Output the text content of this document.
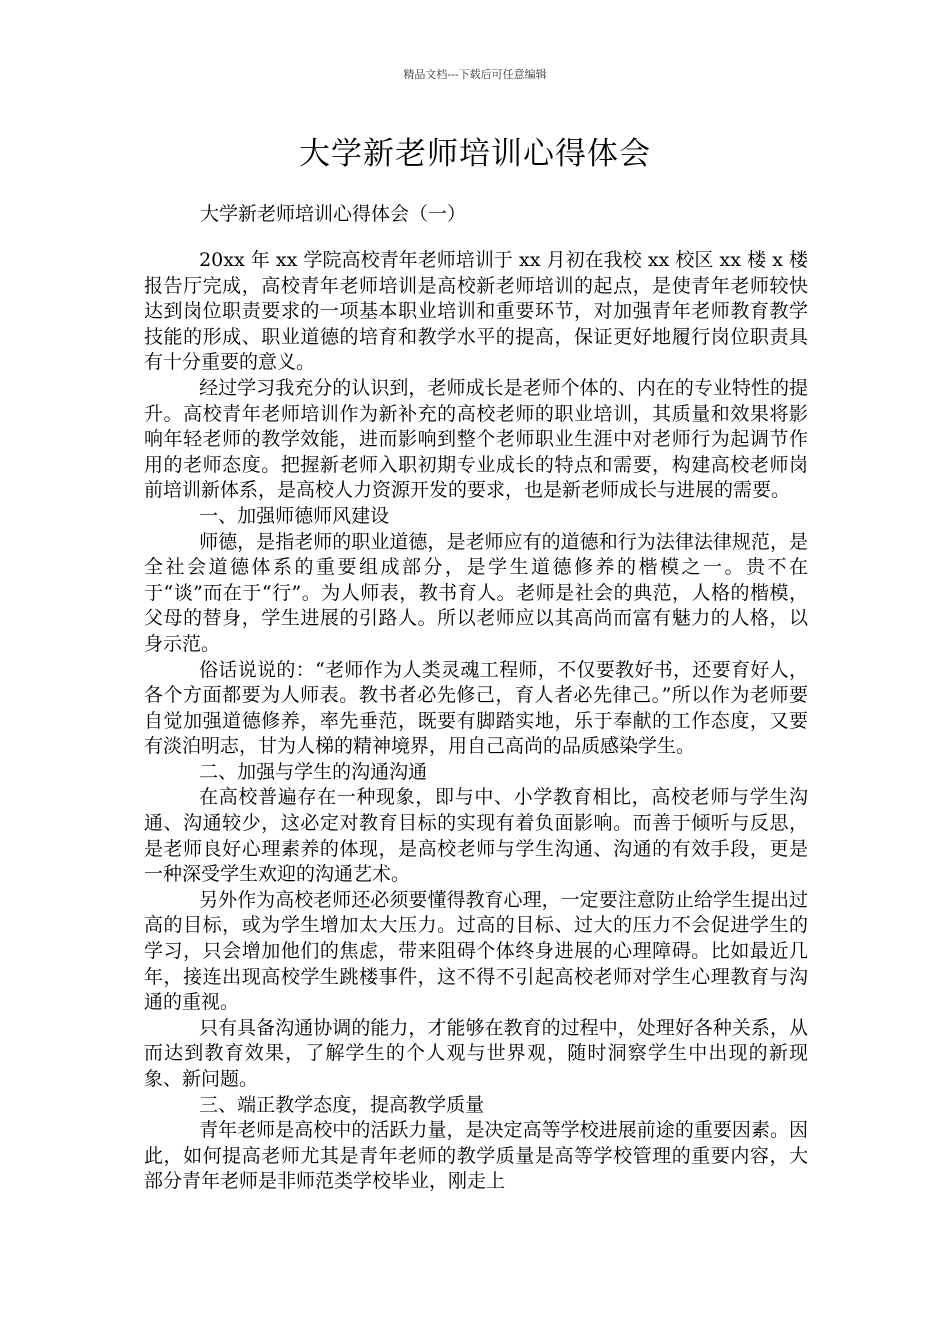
精品文档---下载后可任意编辑
大学新老师培训心得体会
大学新老师培训心得体会（一）

20xx 年 xx 学院高校青年老师培训于 xx 月初在我校 xx 校区 xx 楼 x 楼报告厅完成，高校青年老师培训是高校新老师培训的起点，是使青年老师较快达到岗位职责要求的一项基本职业培训和重要环节，对加强青年老师教育教学技能的形成、职业道德的培育和教学水平的提高，保证更好地履行岗位职责具有十分重要的意义。

经过学习我充分的认识到，老师成长是老师个体的、内在的专业特性的提升。高校青年老师培训作为新补充的高校老师的职业培训，其质量和效果将影响年轻老师的教学效能，进而影响到整个老师职业生涯中对老师行为起调节作用的老师态度。把握新老师入职初期专业成长的特点和需要，构建高校老师岗前培训新体系，是高校人力资源开发的要求，也是新老师成长与进展的需要。

一、加强师德师风建设

师德，是指老师的职业道德，是老师应有的道德和行为法律法律规范，是全社会道德体系的重要组成部分，是学生道德修养的楷模之一。贵不在于“谈”而在于“行”。为人师表，教书育人。老师是社会的典范，人格的楷模，父母的替身，学生进展的引路人。所以老师应以其高尚而富有魅力的人格，以身示范。

俗话说说的：“老师作为人类灵魂工程师，不仅要教好书，还要育好人，各个方面都要为人师表。教书者必先修己，育人者必先律己。”所以作为老师要自觉加强道德修养，率先垂范，既要有脚踏实地，乐于奉献的工作态度，又要有淡泊明志，甘为人梯的精神境界，用自己高尚的品质感染学生。

二、加强与学生的沟通沟通

在高校普遍存在一种现象，即与中、小学教育相比，高校老师与学生沟通、沟通较少，这必定对教育目标的实现有着负面影响。而善于倾听与反思，是老师良好心理素养的体现，是高校老师与学生沟通、沟通的有效手段，更是一种深受学生欢迎的沟通艺术。

另外作为高校老师还必须要懂得教育心理，一定要注意防止给学生提出过高的目标，或为学生增加太大压力。过高的目标、过大的压力不会促进学生的学习，只会增加他们的焦虑，带来阻碍个体终身进展的心理障碍。比如最近几年，接连出现高校学生跳楼事件，这不得不引起高校老师对学生心理教育与沟通的重视。

只有具备沟通协调的能力，才能够在教育的过程中，处理好各种关系，从而达到教育效果，了解学生的个人观与世界观，随时洞察学生中出现的新现象、新问题。

三、端正教学态度，提高教学质量

青年老师是高校中的活跃力量，是决定高等学校进展前途的重要因素。因此，如何提高老师尤其是青年老师的教学质量是高等学校管理的重要内容，大部分青年老师是非师范类学校毕业，刚走上
